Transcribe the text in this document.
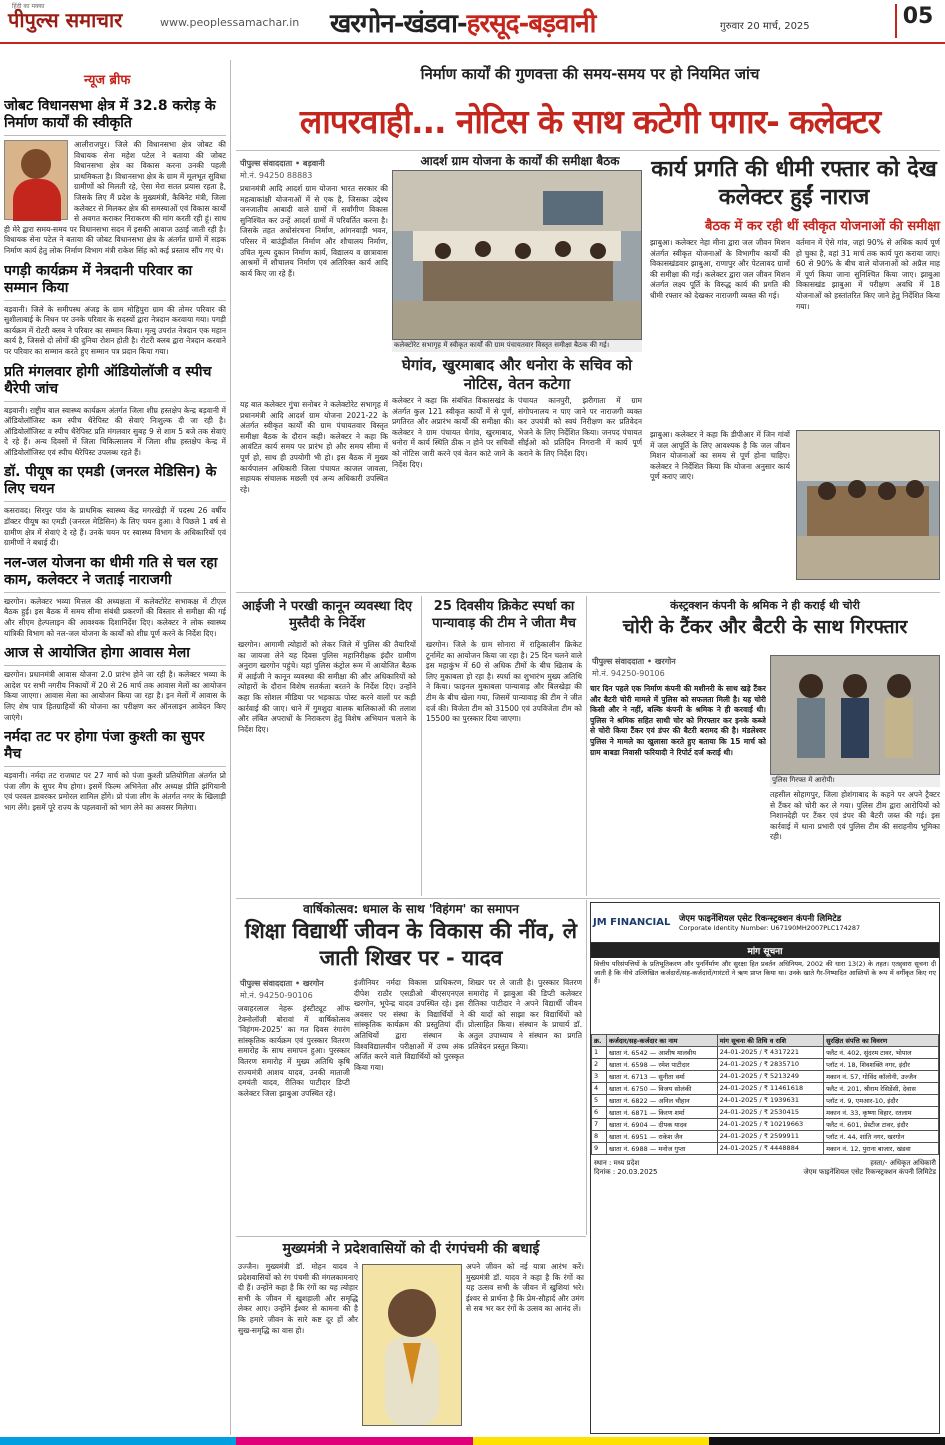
हिंदी का मक्का
पीपुल्स समाचार	www.peoplessamachar.in खरगोन-खंडवा-हरसूद-बड़वानी	गुरुवार 20 मार्च, 2025	05
न्यूज ब्रीफ
जोबट विधानसभा क्षेत्र में 32.8 करोड़ के निर्माण कार्यों की स्वीकृति
आलीराजपुर। जिले की विधानसभा क्षेत्र जोबट की विधायक सेना महेश पटेल ने बताया की जोबट विधानसभा क्षेत्र का विकास करना उनकी पहली प्राथमिकता है। विधानसभा क्षेत्र के ग्राम में मूलभूत सुविधा ग्रामीणों को मिलती रहे, ऐसा मेरा सतत प्रयास रहता है, जिसके लिए मैं प्रदेश के मुख्यमंत्री, कैबिनेट मंत्री, जिला कलेक्टर से मिलकर क्षेत्र की समस्याओं एवं विकास कार्यों से अवगत कराकर निराकरण की मांग करती रही हूं। साथ ही मेरे द्वारा समय-समय पर विधानसभा सदन में इसकी आवाज उठाई जाती रही है। विधायक सेना पटेल ने बताया की जोबट विधानसभा क्षेत्र के अंतर्गत ग्रामों में सड़क निर्माण कार्य हेतु लोक निर्माण विभाग मंत्री राकेश सिंह को कई प्रस्ताव सौंप गए थे।
पगड़ी कार्यक्रम में नेत्रदानी परिवार का सम्मान किया
बड़वानी। जिले के समीपस्थ अंजड़ के ग्राम मोहिपुरा ग्राम की तोमर परिवार की सुशीलाबाई के निधन पर उनके परिवार के सदस्यों द्वारा नेत्रदान करवाया गया। पगड़ी कार्यक्रम में रोटरी क्लब ने परिवार का सम्मान किया। मृत्यु उपरांत नेत्रदान एक महान कार्य है, जिससे दो लोगों की दुनिया रोशन होती है। रोटरी क्लब द्वारा नेत्रदान करवाने पर परिवार का सम्मान करते हुए सम्मान पत्र प्रदान किया गया।
प्रति मंगलवार होगी ऑडियोलॉजी व स्पीच थैरेपी जांच
बड़वानी। राष्ट्रीय बाल स्वास्थ्य कार्यक्रम अंतर्गत जिला शीघ्र हस्तक्षेप केन्द्र बड़वानी में ऑडियोलॉजिस्ट कम स्पीच थैरेपिस्ट की सेवाएं निःशुल्क दी जा रही है। ऑडियोलॉजिस्ट व स्पीच थैरेपिस्ट प्रति मंगलवार सुबह 9 से शाम 5 बजे तक सेवाएं दे रहे हैं। अन्य दिवसों में जिला चिकित्सालय में जिला शीघ्र हस्तक्षेप केन्द्र में ऑडियोलॉजिस्ट एवं स्पीच थैरेपिस्ट उपलब्ध रहते हैं।
डॉ. पीयूष का एमडी (जनरल मेडिसिन) के लिए चयन
कसरावद। सिरपुर पांव के प्राथमिक स्वास्थ्य केंद्र मगरखेड़ी में पदस्थ 26 वर्षीय डॉक्टर पीयूष का एमडी (जनरल मेडिसिन) के लिए चयन हुआ। वे पिछले 1 वर्ष से ग्रामीण क्षेत्र में सेवाएं दे रहे हैं। उनके चयन पर स्वास्थ्य विभाग के अधिकारियों एवं ग्रामीणों ने बधाई दी।
नल-जल योजना का धीमी गति से चल रहा काम, कलेक्टर ने जताई नाराजगी
खरगोन। कलेक्टर भव्या मित्तल की अध्यक्षता में कलेक्टोरेट सभाकक्ष में टीएल बैठक हुई। इस बैठक में समय सीमा संबंधी प्रकरणों की विस्तार से समीक्षा की गई और सीएम हेल्पलाइन की आवश्यक दिशानिर्देश दिए। कलेक्टर ने लोक स्वास्थ्य यांत्रिकी विभाग को नल-जल योजना के कार्यों को शीघ्र पूर्ण करने के निर्देश दिए।
आज से आयोजित होगा आवास मेला
खरगोन। प्रधानमंत्री आवास योजना 2.0 प्रारंभ होने जा रही है। कलेक्टर भव्या के आदेश पर सभी नगरीय निकायों में 20 से 26 मार्च तक आवास मेलों का आयोजन किया जाएगा। आवास मेला का आयोजन किया जा रहा है। इन मेलों में आवास के लिए शेष पात्र हितग्राहियों की योजना का परीक्षण कर ऑनलाइन आवेदन किए जाएंगे।
नर्मदा तट पर होगा पंजा कुश्ती का सुपर मैच
बड़वानी। नर्मदा तट राजघाट पर 27 मार्च को पंजा कुश्ती प्रतियोगिता अंतर्गत प्रो पंजा लीग के सुपर मैच होगा। इसमें फिल्म अभिनेता और अध्यक्ष प्रीति झंगियानी एवं परवल डावरकर प्रमोरल शामिल होंगे। प्रो पंजा लीग के अंतर्गत नगर के खिलाड़ी भाग लेंगे। इसमें पूरे राज्य के पहलवानों को भाग लेने का अवसर मिलेगा।
निर्माण कार्यों की गुणवत्ता की समय-समय पर हो नियमित जांच
लापरवाही... नोटिस के साथ कटेगी पगार- कलेक्टर
पीपुल्स संवाददाता • बड़वानी
मो.नं. 94250 88883
प्रधानमंत्री आदि आदर्श ग्राम योजना भारत सरकार की महत्वाकांक्षी योजनाओं में से एक है, जिसका उद्देश्य जनजातीय आबादी वाले ग्रामों में सर्वांगीण विकास सुनिश्चित कर उन्हें आदर्श ग्रामों में परिवर्तित करना है। जिसके तहत अधोसंरचना निर्माण, आंगनवाड़ी भवन, परिसर में बाउंड्रीवॉल निर्माण और शौचालय निर्माण, उचित मूल्य दुकान निर्माण कार्य, विद्यालय व छात्रावास आश्रमों में शौचालय निर्माण एवं अतिरिक्त कार्य आदि कार्य किए जा रहे हैं।
आदर्श ग्राम योजना के कार्यों की समीक्षा बैठक
कलेक्टोरेट सभागृह में स्वीकृत कार्यों की ग्राम पंचायतवार विस्तृत समीक्षा बैठक की गई।
घेगांव, खुरमाबाद और धनोरा के सचिव को नोटिस, वेतन कटेगा
कलेक्टर ने कहा कि संबंधित विकासखंड के अंतर्गत कुल 121 स्वीकृत कार्यों में से पूर्ण, प्रगतिरत और अप्रारंभ कार्यों की समीक्षा की। कलेक्टर ने ग्राम पंचायत घेगांव, खुरमाबाद, धनोरा में कार्य स्थिति ठीक न होने पर सचिवों को नोटिस जारी करने एवं वेतन काटे जाने के निर्देश दिए।
पंचायत कानपुरी, झरीगाता में ग्राम संगोपनालय न पाए जाने पर नाराजगी व्यक्त कर उपयंत्री को स्वयं निरीक्षण कर प्रतिवेदन भेजने के लिए निर्देशित किया। जनपद पंचायत सीईओ को प्रतिदिन निगरानी में कार्य पूर्ण कराने के लिए निर्देश दिए।
यह बात कलेक्टर गुंचा सनोबर ने कलेक्टोरेट सभागृह में प्रधानमंत्री आदि आदर्श ग्राम योजना 2021-22 के अंतर्गत स्वीकृत कार्यों की ग्राम पंचायतवार विस्तृत समीक्षा बैठक के दौरान कही। कलेक्टर ने कहा कि आवंटित कार्य समय पर प्रारंभ हो और समय सीमा में पूर्ण हो, साथ ही उपयोगी भी हो। इस बैठक में मुख्य कार्यपालन अधिकारी जिला पंचायत काजल जावला, सहायक संचालक मछली एवं अन्य अधिकारी उपस्थित रहे।
कार्य प्रगति की धीमी रफ्तार को देख कलेक्टर हुईं नाराज
बैठक में कर रही थीं स्वीकृत योजनाओं की समीक्षा
झाबुआ। कलेक्टर नेहा मीना द्वारा जल जीवन मिशन अंतर्गत स्वीकृत योजनाओं के विभागीय कार्यों की विकासखंडवार झाबुआ, राणापुर और पेटलावद ग्रामों की समीक्षा की गई। कलेक्टर द्वारा जल जीवन मिशन अंतर्गत लक्ष्य पूर्ति के विरुद्ध कार्य की प्रगति की धीमी रफ्तार को देखकर नाराजगी व्यक्त की गई।
वर्तमान में ऐसे गांव, जहां 90% से अधिक कार्य पूर्ण हो चुका है, वहां 31 मार्च तक कार्य पूरा कराया जाए। 60 से 90% के बीच वाले योजनाओं को अप्रैल माह में पूर्ण किया जाना सुनिश्चित किया जाए। झाबुआ विकासखंड झाबुआ में परीक्षण अवधि में 18 योजनाओं को हस्तांतरित किए जाने हेतु निर्देशित किया गया।
झाबुआ। कलेक्टर ने कहा कि डीपीआर में जिन गांवों में जल आपूर्ति के लिए आवश्यक है कि जल जीवन मिशन योजनाओं का समय से पूर्ण होना चाहिए। कलेक्टर ने निर्देशित किया कि योजना अनुसार कार्य पूर्ण कराए जाएं।
आईजी ने परखी कानून व्यवस्था दिए मुस्तैदी के निर्देश
खरगोन। आगामी त्योहारों को लेकर जिले में पुलिस की तैयारियों का जायजा लेने यह दिवस पुलिस महानिरीक्षक इंदौर ग्रामीण अनुराग खरगोन पहुंचे। यहां पुलिस कंट्रोल रूम में आयोजित बैठक में आईजी ने कानून व्यवस्था की समीक्षा की और अधिकारियों को त्योहारों के दौरान विशेष सतर्कता बरतने के निर्देश दिए। उन्होंने कहा कि सोशल मीडिया पर भड़काऊ पोस्ट करने वालों पर कड़ी कार्रवाई की जाए। थाने में गुमशुदा बालक बालिकाओं की तलाश और लंबित अपराधों के निराकरण हेतु विशेष अभियान चलाने के निर्देश दिए।
25 दिवसीय क्रिकेट स्पर्धा का पान्यावाड़ की टीम ने जीता मैच
खरगोन। जिले के ग्राम सोनारा में राठ्रिकालीन क्रिकेट टूर्नामेंट का आयोजन किया जा रहा है। 25 दिन चलने वाले इस महाकुंभ में 60 से अधिक टीमों के बीच खिताब के लिए मुकाबला हो रहा है। स्पर्धा का शुभारंभ मुख्य अतिथि ने किया। फाइनल मुकाबला पान्यावाड़ और बिलखेड़ा की टीम के बीच खेला गया, जिसमें पान्यावाड़ की टीम ने जीत दर्ज की। विजेता टीम को 31500 एवं उपविजेता टीम को 15500 का पुरस्कार दिया जाएगा।
कंस्ट्रक्शन कंपनी के श्रमिक ने ही कराई थी चोरी
चोरी के टैंकर और बैटरी के साथ गिरफ्तार
पीपुल्स संवाददाता • खरगोन
मो.नं. 94250-90106
चार दिन पहले एक निर्माण कंपनी की मशीनरी के साथ खड़े टैंकर और बैटरी चोरी मामले में पुलिस को सफलता मिली है। यह चोरी किसी और ने नहीं, बल्कि कंपनी के श्रमिक ने ही करवाई थी। पुलिस ने श्रमिक सहित साथी चोर को गिरफ्तार कर इनके कब्जे से चोरी किया टैंकर एवं डंपर की बैटरी बरामद की है। मंडलेश्वर पुलिस ने मामले का खुलासा करते हुए बताया कि 15 मार्च को ग्राम बाबडा निवासी फरियादी ने रिपोर्ट दर्ज कराई थी।
पुलिस गिरफ्त में आरोपी।
तहसील सोहागपुर, जिला होशंगाबाद के कहने पर अपने ट्रैक्टर से टैंकर को चोरी कर ले गया। पुलिस टीम द्वारा आरोपियों को निशानदेही पर टैंकर एवं डंपर की बैटरी जब्त की गई। इस कार्रवाई में थाना प्रभारी एवं पुलिस टीम की सराहनीय भूमिका रही।
वार्षिकोत्सव: धमाल के साथ 'विहंगम' का समापन
शिक्षा विद्यार्थी जीवन के विकास की नींव, ले जाती शिखर पर - यादव
पीपुल्स संवाददाता • खरगोन
मो.नं. 94250-90106
जवाहरलाल नेहरू इंस्टीट्यूट ऑफ टेक्नोलॉजी बोरावां में वार्षिकोत्सव 'विहंगम-2025' का गत दिवस रंगारंग सांस्कृतिक कार्यक्रम एवं पुरस्कार वितरण समारोह के साथ समापन हुआ। पुरस्कार वितरण समारोह में मुख्य अतिथि कृषि राज्यमंत्री आशय यादव, उनकी माताजी दमयंती यादव, रीतिका पाटीदार डिप्टी कलेक्टर जिला झाबुआ उपस्थित रहे।
इंजीनियर नर्मदा विकास प्राधिकरण, दीपेश राठौर एसडीओ बीएसएनएल खरगोन, भूपेन्द्र यादव उपस्थित रहे। इस अवसर पर संस्था के विद्यार्थियों ने सांस्कृतिक कार्यक्रम की प्रस्तुतियां दीं। अतिथियों द्वारा संस्थान के विश्वविद्यालयीन परीक्षाओं में उच्च अंक अर्जित करने वाले विद्यार्थियों को पुरस्कृत किया गया।
शिखर पर ले जाती है। पुरस्कार वितरण समारोह में झाबुआ की डिप्टी कलेक्टर रीतिका पाटीदार ने अपने विद्यार्थी जीवन की यादों को साझा कर विद्यार्थियों को प्रोत्साहित किया। संस्थान के प्राचार्य डॉ. अतुल उपाध्याय ने संस्थान का प्रगति प्रतिवेदन प्रस्तुत किया।
JM FINANCIAL	जेएम फाइनेंशियल एसेट रिकन्स्ट्रक्शन कंपनी लिमिटेड
Corporate Identity Number: U67190MH2007PLC174287
मांग सूचना
वित्तीय परिसंपत्तियों के प्रतिभूतिकरण और पुनर्निर्माण और सुरक्षा हित प्रवर्तन अधिनियम, 2002 की धारा 13(2) के तहत। एतद्द्वारा सूचना दी जाती है कि नीचे उल्लिखित कर्जदारों/सह-कर्जदारों/गारंटरों ने ऋण प्राप्त किया था। उनके खाते गैर-निष्पादित आस्तियों के रूप में वर्गीकृत किए गए हैं।
क्र.	कर्जदार/सह-कर्जदार का नाम	मांग सूचना की तिथि व राशि	सुरक्षित संपत्ति का विवरण
1	खाता नं. 6542 — आशीष मालवीय	24-01-2025 / ₹ 4317221	फ्लैट नं. 402, सुंदरम टावर, भोपाल
2	खाता नं. 6598 — रमेश पाटीदार	24-01-2025 / ₹ 2835710	प्लॉट नं. 18, शिवशक्ति नगर, इंदौर
3	खाता नं. 6713 — सुनीता वर्मा	24-01-2025 / ₹ 5213249	मकान नं. 57, गोविंद कॉलोनी, उज्जैन
4	खाता नं. 6750 — विजय सोलंकी	24-01-2025 / ₹ 11461618	फ्लैट नं. 201, श्रीराम रेसिडेंसी, देवास
5	खाता नं. 6822 — अनिल चौहान	24-01-2025 / ₹ 1939631	प्लॉट नं. 9, एमआर-10, इंदौर
6	खाता नं. 6871 — किरण शर्मा	24-01-2025 / ₹ 2530415	मकान नं. 33, कृष्णा विहार, रतलाम
7	खाता नं. 6904 — दीपक यादव	24-01-2025 / ₹ 10219663	फ्लैट नं. 601, प्रेस्टीज टावर, इंदौर
8	खाता नं. 6951 — राकेश जैन	24-01-2025 / ₹ 2599911	प्लॉट नं. 44, शांति नगर, खरगोन
9	खाता नं. 6988 — मनोज गुप्ता	24-01-2025 / ₹ 4448884	मकान नं. 12, पुराना बाजार, खंडवा
स्थान : मध्य प्रदेश
दिनांक : 20.03.2025
हस्ता/- अधिकृत अधिकारी
जेएम फाइनेंशियल एसेट रिकन्स्ट्रक्शन कंपनी लिमिटेड
मुख्यमंत्री ने प्रदेशवासियों को दी रंगपंचमी की बधाई
उज्जैन। मुख्यमंत्री डॉ. मोहन यादव ने प्रदेशवासियों को रंग पंचमी की मंगलकामनाएं दी हैं। उन्होंने कहा है कि रंगों का यह त्योहार सभी के जीवन में खुशहाली और समृद्धि लेकर आए। उन्होंने ईश्वर से कामना की है कि हमारे जीवन के सारे कष्ट दूर हों और सुख-समृद्धि का वास हो।
अपने जीवन को नई यात्रा आरंभ करें। मुख्यमंत्री डॉ. यादव ने कहा है कि रंगों का यह उत्सव सभी के जीवन में खुशियां भरे। ईश्वर से प्रार्थना है कि प्रेम-सौहार्द और उमंग से सब भर कर रंगों के उत्सव का आनंद लें।
